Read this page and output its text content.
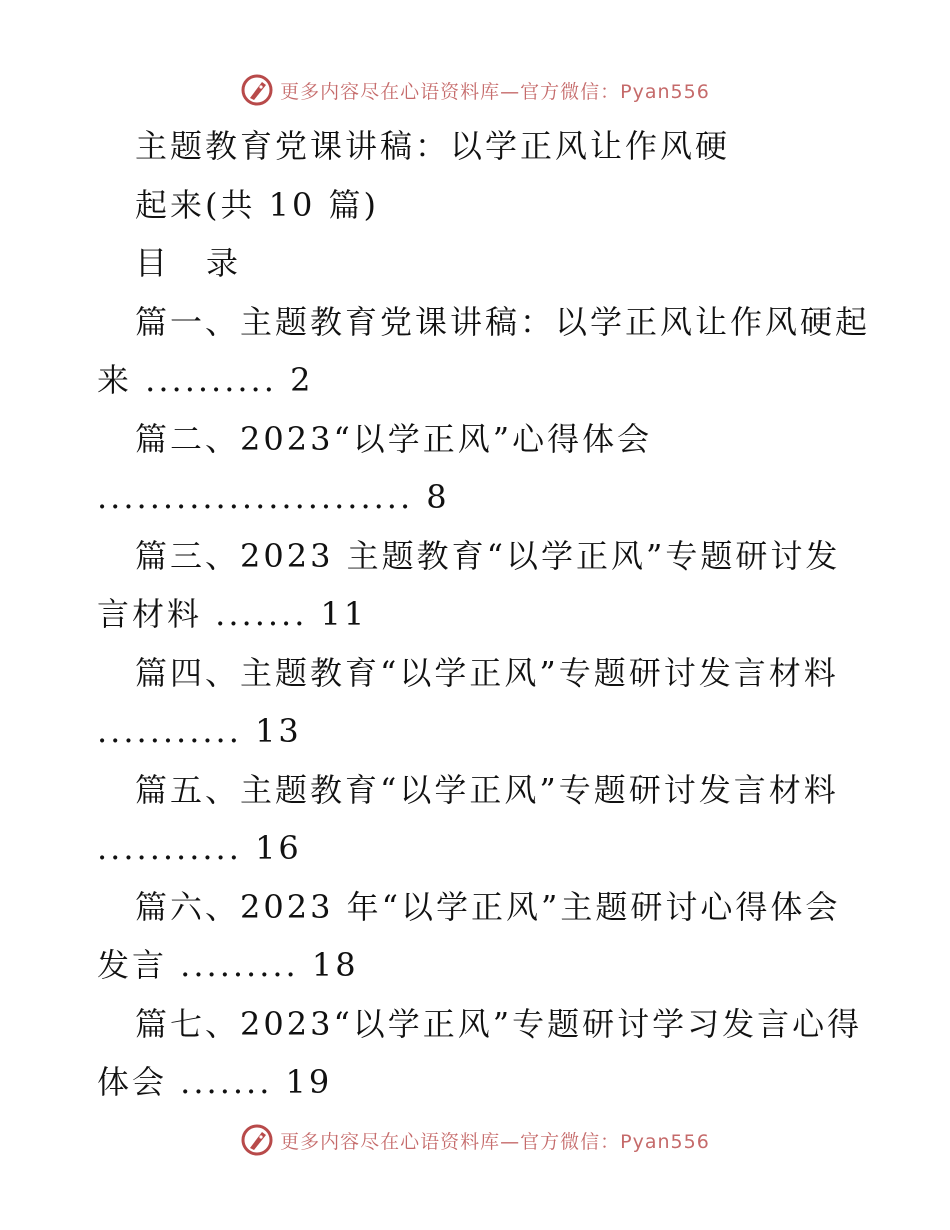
更多内容尽在心语资料库—官方微信：Pyan556
主题教育党课讲稿：以学正风让作风硬
起来(共 10 篇)
目 录
篇一、主题教育党课讲稿：以学正风让作风硬起
来 .......... 2
篇二、2023“以学正风”心得体会
........................ 8
篇三、2023 主题教育“以学正风”专题研讨发
言材料 ....... 11
篇四、主题教育“以学正风”专题研讨发言材料
........... 13
篇五、主题教育“以学正风”专题研讨发言材料
........... 16
篇六、2023 年“以学正风”主题研讨心得体会
发言 ......... 18
篇七、2023“以学正风”专题研讨学习发言心得
体会 ....... 19
更多内容尽在心语资料库—官方微信：Pyan556
